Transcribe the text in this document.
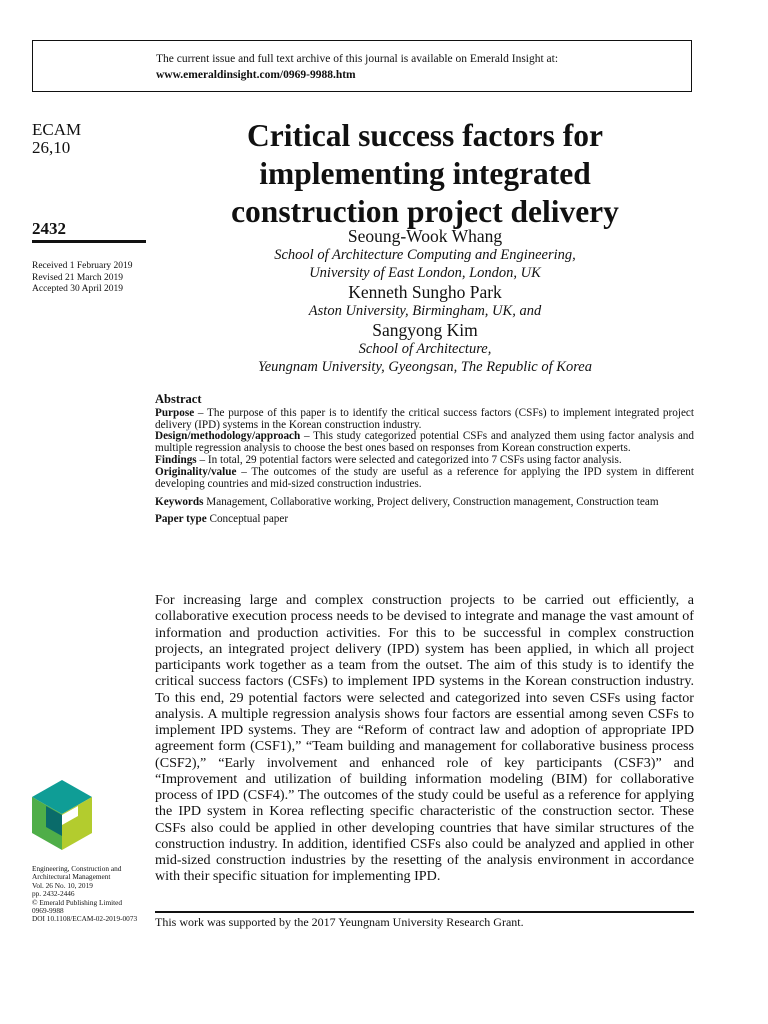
The current issue and full text archive of this journal is available on Emerald Insight at:
www.emeraldinsight.com/0969-9988.htm
ECAM
26,10
2432
Received 1 February 2019
Revised 21 March 2019
Accepted 30 April 2019
Critical success factors for
implementing integrated
construction project delivery
Seoung-Wook Whang
School of Architecture Computing and Engineering,
University of East London, London, UK
Kenneth Sungho Park
Aston University, Birmingham, UK, and
Sangyong Kim
School of Architecture,
Yeungnam University, Gyeongsan, The Republic of Korea
Abstract

Purpose – The purpose of this paper is to identify the critical success factors (CSFs) to implement integrated project delivery (IPD) systems in the Korean construction industry.

Design/methodology/approach – This study categorized potential CSFs and analyzed them using factor analysis and multiple regression analysis to choose the best ones based on responses from Korean construction experts.

Findings – In total, 29 potential factors were selected and categorized into 7 CSFs using factor analysis.

Originality/value – The outcomes of the study are useful as a reference for applying the IPD system in different developing countries and mid-sized construction industries.

Keywords Management, Collaborative working, Project delivery, Construction management, Construction team
Paper type Conceptual paper
For increasing large and complex construction projects to be carried out efficiently, a collaborative execution process needs to be devised to integrate and manage the vast amount of information and production activities. For this to be successful in complex construction projects, an integrated project delivery (IPD) system has been applied, in which all project participants work together as a team from the outset. The aim of this study is to identify the critical success factors (CSFs) to implement IPD systems in the Korean construction industry. To this end, 29 potential factors were selected and categorized into seven CSFs using factor analysis. A multiple regression analysis shows four factors are essential among seven CSFs to implement IPD systems. They are “Reform of contract law and adoption of appropriate IPD agreement form (CSF1),” “Team building and management for collaborative business process (CSF2),” “Early involvement and enhanced role of key participants (CSF3)” and “Improvement and utilization of building information modeling (BIM) for collaborative process of IPD (CSF4).” The outcomes of the study could be useful as a reference for applying the IPD system in Korea reflecting specific characteristic of the construction sector. These CSFs also could be applied in other developing countries that have similar structures of the construction industry. In addition, identified CSFs also could be analyzed and applied in other mid-sized construction industries by the resetting of the analysis environment in accordance with their specific situation for implementing IPD.
This work was supported by the 2017 Yeungnam University Research Grant.
Engineering, Construction and
Architectural Management
Vol. 26 No. 10, 2019
pp. 2432-2446
© Emerald Publishing Limited
0969-9988
DOI 10.1108/ECAM-02-2019-0073
